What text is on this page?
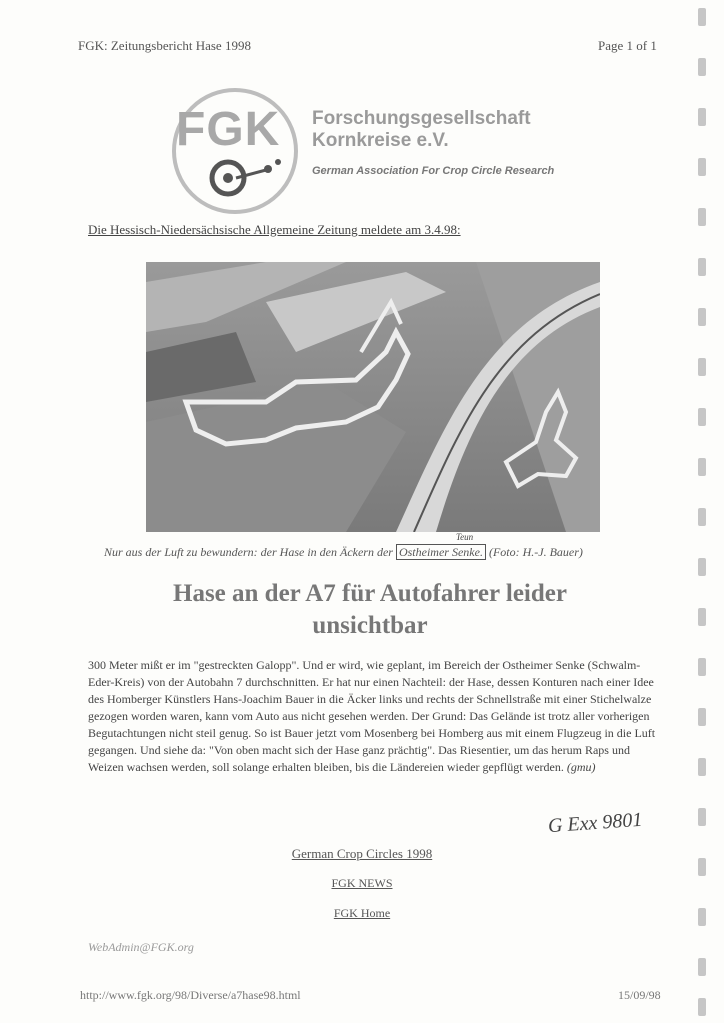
FGK: Zeitungsbericht Hase 1998	Page 1 of 1
FGK Forschungsgesellschaft
Kornkreise e.V.
German Association For Crop Circle Research
Die Hessisch-Niedersächsische Allgemeine Zeitung meldete am 3.4.98:
Nur aus der Luft zu bewundern: der Hase in den Äckern der Ostheimer Senke. (Foto: H.-J. Bauer)
Teun
Hase an der A7 für Autofahrer leider
unsichtbar
300 Meter mißt er im "gestreckten Galopp". Und er wird, wie geplant, im Bereich der Ostheimer Senke (Schwalm-Eder-Kreis) von der Autobahn 7 durchschnitten. Er hat nur einen Nachteil: der Hase, dessen Konturen nach einer Idee des Homberger Künstlers Hans-Joachim Bauer in die Äcker links und rechts der Schnellstraße mit einer Stichelwalze gezogen worden waren, kann vom Auto aus nicht gesehen werden. Der Grund: Das Gelände ist trotz aller vorherigen Begutachtungen nicht steil genug. So ist Bauer jetzt vom Mosenberg bei Homberg aus mit einem Flugzeug in die Luft gegangen. Und siehe da: "Von oben macht sich der Hase ganz prächtig". Das Riesentier, um das herum Raps und Weizen wachsen werden, soll solange erhalten bleiben, bis die Ländereien wieder gepflügt werden. (gmu)
G Exx 9801
German Crop Circles 1998
FGK NEWS
FGK Home
WebAdmin@FGK.org
http://www.fgk.org/98/Diverse/a7hase98.html	15/09/98
